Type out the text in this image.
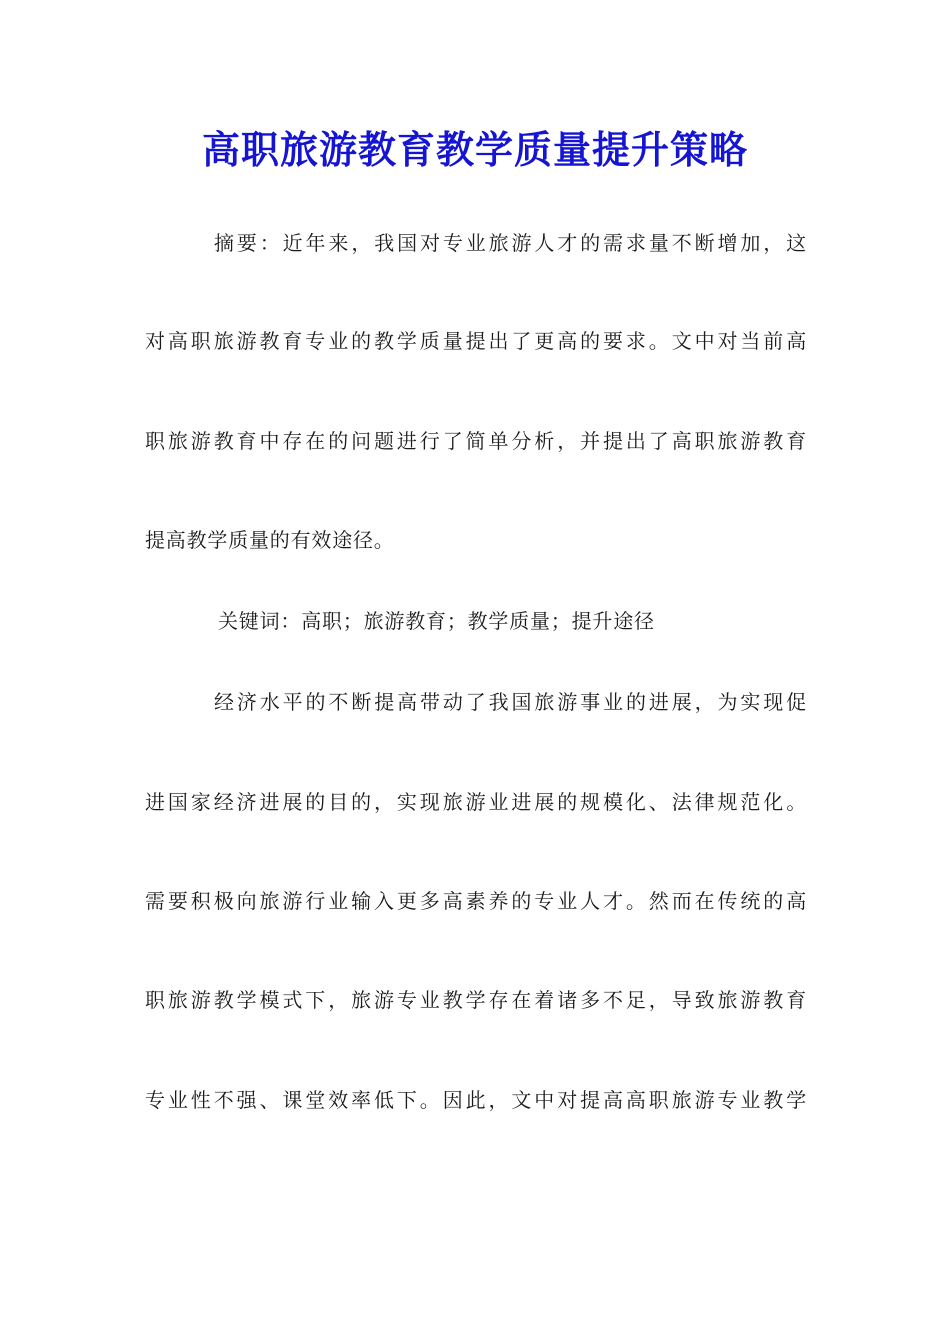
高职旅游教育教学质量提升策略
摘要：近年来，我国对专业旅游人才的需求量不断增加，这
对高职旅游教育专业的教学质量提出了更高的要求。文中对当前高
职旅游教育中存在的问题进行了简单分析，并提出了高职旅游教育
提高教学质量的有效途径。
关键词：高职；旅游教育；教学质量；提升途径
经济水平的不断提高带动了我国旅游事业的进展，为实现促
进国家经济进展的目的，实现旅游业进展的规模化、法律规范化。
需要积极向旅游行业输入更多高素养的专业人才。然而在传统的高
职旅游教学模式下，旅游专业教学存在着诸多不足，导致旅游教育
专业性不强、课堂效率低下。因此，文中对提高高职旅游专业教学
